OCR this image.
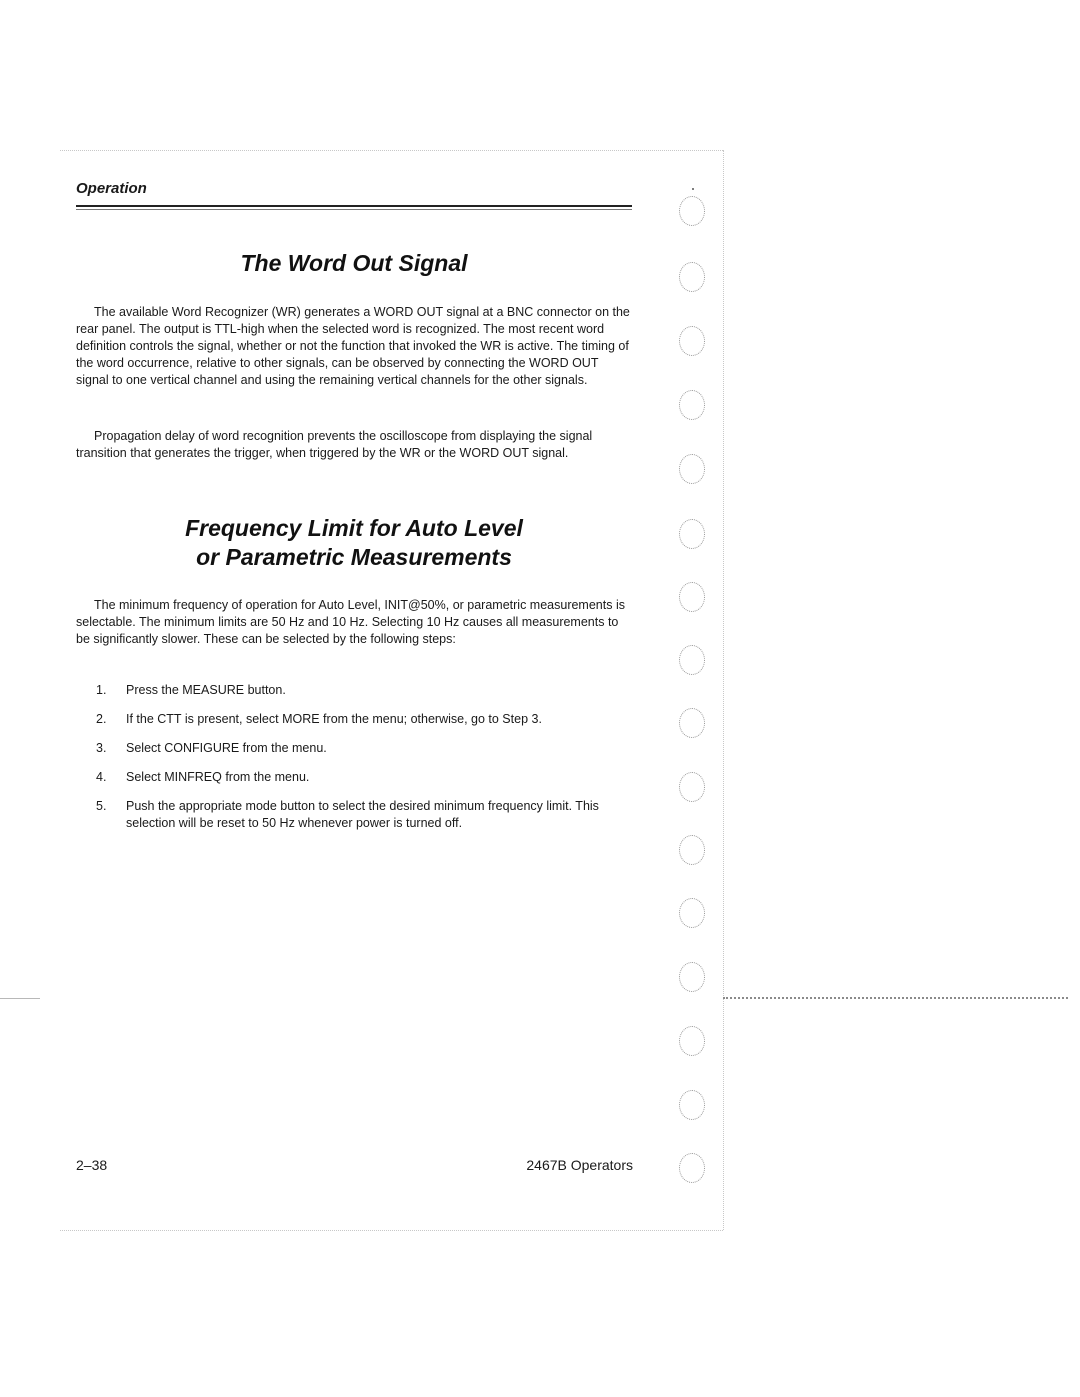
Operation
The Word Out Signal

The available Word Recognizer (WR) generates a WORD OUT signal at a BNC connector on the rear panel. The output is TTL-high when the selected word is recognized. The most recent word definition controls the signal, whether or not the function that invoked the WR is active. The timing of the word occurrence, relative to other signals, can be observed by connecting the WORD OUT signal to one vertical channel and using the remaining vertical channels for the other signals.

Propagation delay of word recognition prevents the oscilloscope from displaying the signal transition that generates the trigger, when triggered by the WR or the WORD OUT signal.

Frequency Limit for Auto Level
or Parametric Measurements

The minimum frequency of operation for Auto Level, INIT@50%, or parametric measurements is selectable. The minimum limits are 50 Hz and 10 Hz. Selecting 10 Hz causes all measurements to be significantly slower. These can be selected by the following steps:

1. Press the MEASURE button.
2. If the CTT is present, select MORE from the menu; otherwise, go to Step 3.
3. Select CONFIGURE from the menu.
4. Select MINFREQ from the menu.
5. Push the appropriate mode button to select the desired minimum frequency limit. This selection will be reset to 50 Hz whenever power is turned off.
2–38	2467B Operators
